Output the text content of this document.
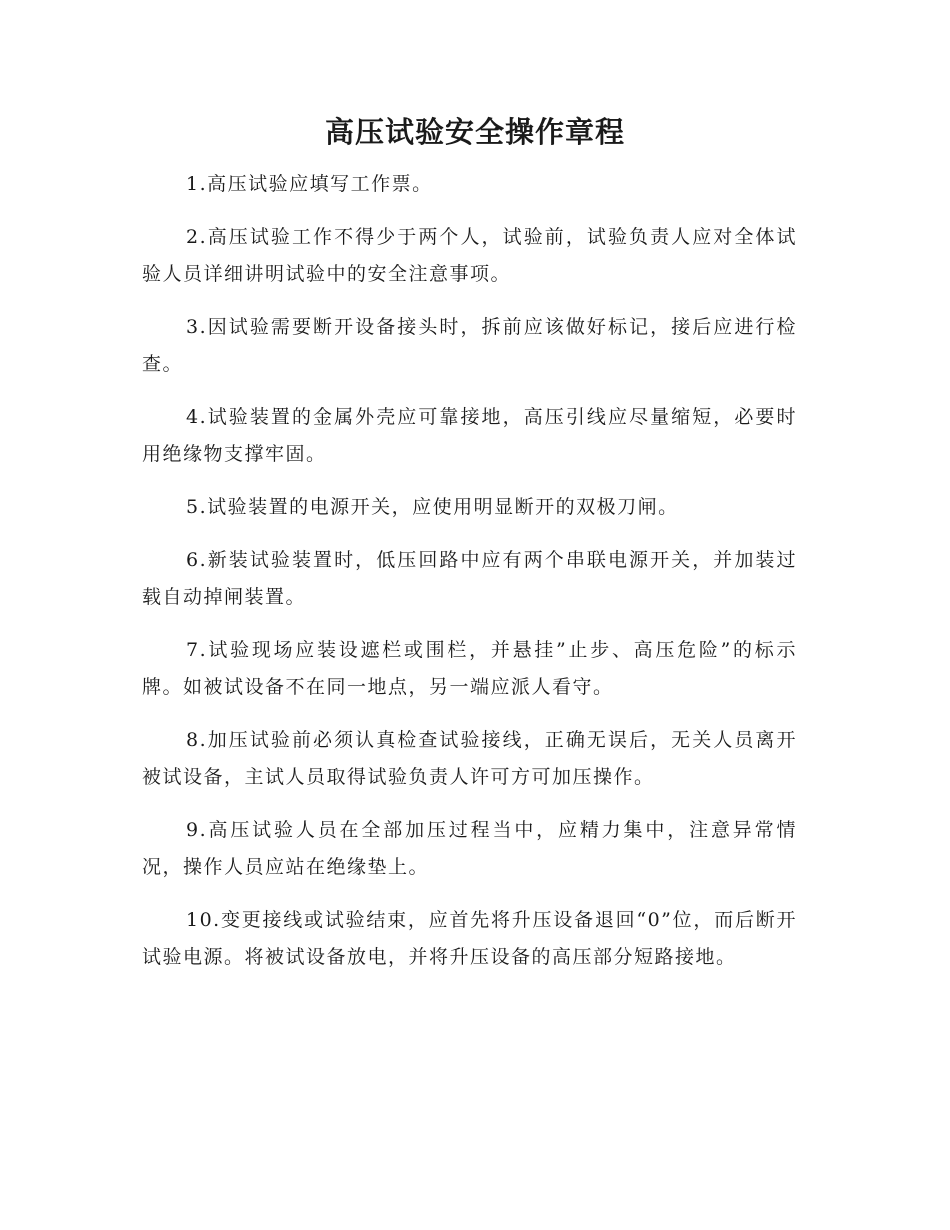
高压试验安全操作章程

1.高压试验应填写工作票。

2.高压试验工作不得少于两个人，试验前，试验负责人应对全体试验人员详细讲明试验中的安全注意事项。

3.因试验需要断开设备接头时，拆前应该做好标记，接后应进行检查。

4.试验装置的金属外壳应可靠接地，高压引线应尽量缩短，必要时用绝缘物支撑牢固。

5.试验装置的电源开关，应使用明显断开的双极刀闸。

6.新装试验装置时，低压回路中应有两个串联电源开关，并加装过载自动掉闸装置。

7.试验现场应装设遮栏或围栏，并悬挂”止步、高压危险”的标示牌。如被试设备不在同一地点，另一端应派人看守。

8.加压试验前必须认真检查试验接线，正确无误后，无关人员离开被试设备，主试人员取得试验负责人许可方可加压操作。

9.高压试验人员在全部加压过程当中，应精力集中，注意异常情况，操作人员应站在绝缘垫上。

10.变更接线或试验结束，应首先将升压设备退回“0”位，而后断开试验电源。将被试设备放电，并将升压设备的高压部分短路接地。
